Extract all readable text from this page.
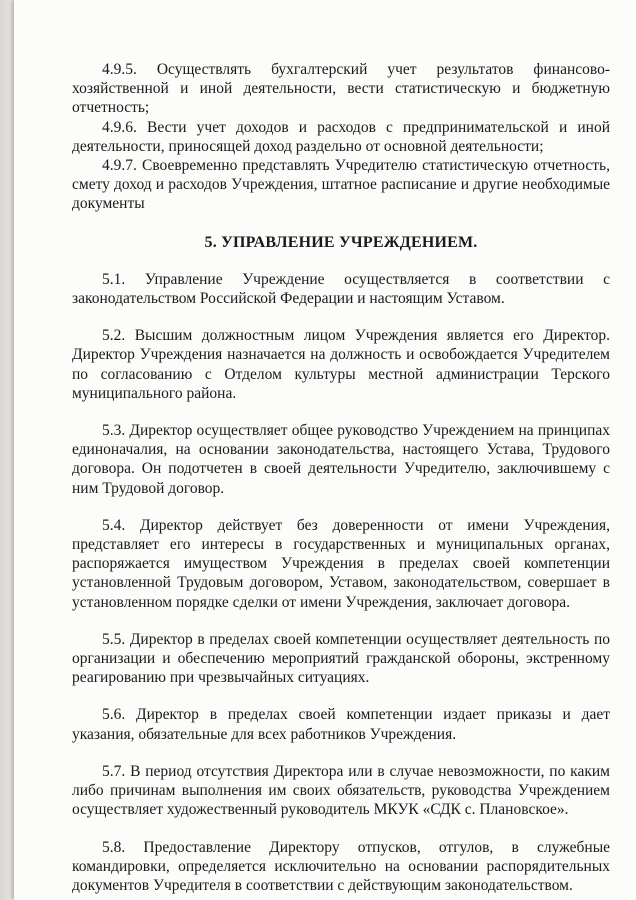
4.9.5. Осуществлять бухгалтерский учет результатов финансово-хозяйственной и иной деятельности, вести статистическую и бюджетную отчетность;

4.9.6. Вести учет доходов и расходов с предпринимательской и иной деятельности, приносящей доход раздельно от основной деятельности;

4.9.7. Своевременно представлять Учредителю статистическую отчетность, смету доход и расходов Учреждения, штатное расписание и другие необходимые документы

5. УПРАВЛЕНИЕ УЧРЕЖДЕНИЕМ.

5.1. Управление Учреждение осуществляется в соответствии с законодательством Российской Федерации и настоящим Уставом.

5.2. Высшим должностным лицом Учреждения является его Директор. Директор Учреждения назначается на должность и освобождается Учредителем по согласованию с Отделом культуры местной администрации Терского муниципального района.

5.3. Директор осуществляет общее руководство Учреждением на принципах единоначалия, на основании законодательства, настоящего Устава, Трудового договора. Он подотчетен в своей деятельности Учредителю, заключившему с ним Трудовой договор.

5.4. Директор действует без доверенности от имени Учреждения, представляет его интересы в государственных и муниципальных органах, распоряжается имуществом Учреждения в пределах своей компетенции установленной Трудовым договором, Уставом, законодательством, совершает в установленном порядке сделки от имени Учреждения, заключает договора.

5.5. Директор в пределах своей компетенции осуществляет деятельность по организации и обеспечению мероприятий гражданской обороны, экстренному реагированию при чрезвычайных ситуациях.

5.6. Директор в пределах своей компетенции издает приказы и дает указания, обязательные для всех работников Учреждения.

5.7. В период отсутствия Директора или в случае невозможности, по каким либо причинам выполнения им своих обязательств, руководства Учреждением осуществляет художественный руководитель МКУК «СДК с. Плановское».

5.8. Предоставление Директору отпусков, отгулов, в служебные командировки, определяется исключительно на основании распорядительных документов Учредителя в соответствии с действующим законодательством.
